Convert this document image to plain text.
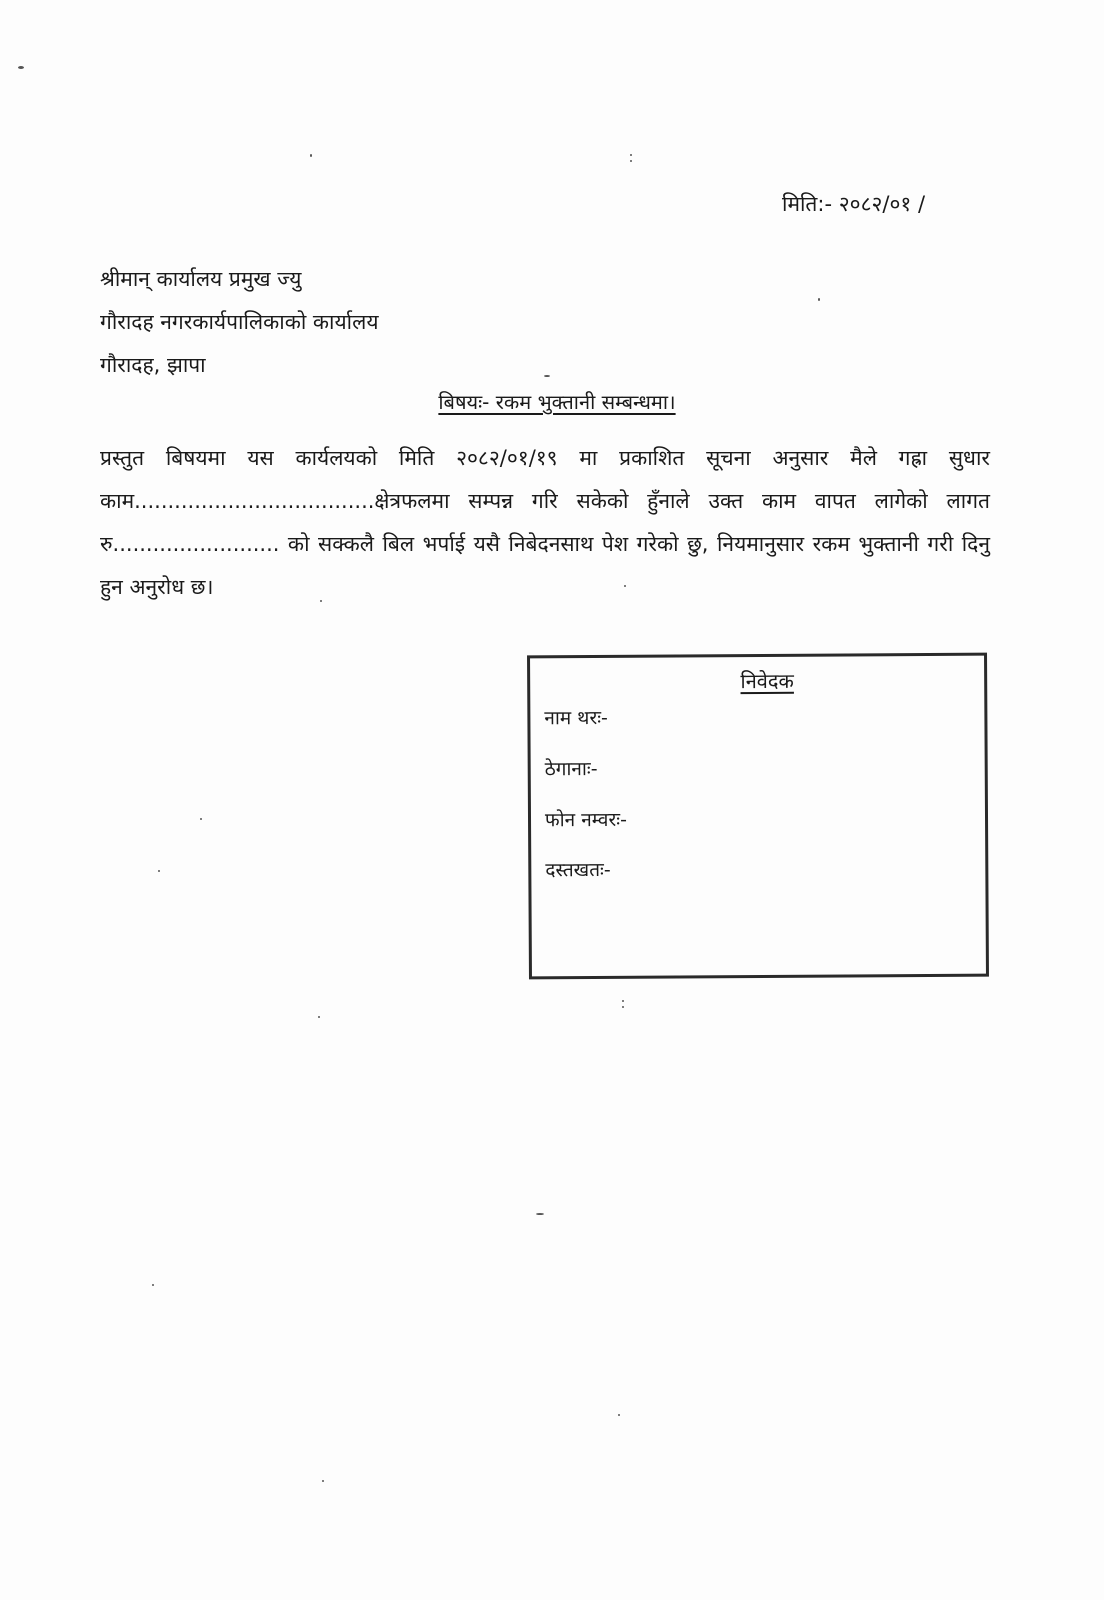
मिति:- २०८२/०१ /
श्रीमान् कार्यालय प्रमुख ज्यु
गौरादह नगरकार्यपालिकाको कार्यालय
गौरादह, झापा
बिषयः- रकम भुक्तानी सम्बन्धमा।
प्रस्तुत बिषयमा यस कार्यलयको मिति २०८२/०१/१९ मा प्रकाशित सूचना अनुसार मैले गह्रा सुधार काम....................................क्षेत्रफलमा सम्पन्न गरि सकेको हुँनाले उक्त काम वापत लागेको लागत रु......................... को सक्कलै बिल भर्पाई यसै निबेदनसाथ पेश गरेको छु, नियमानुसार रकम भुक्तानी गरी दिनु हुन अनुरोध छ।
निवेदक
नाम थरः-
ठेगानाः-
फोन नम्वरः-
दस्तखतः-
